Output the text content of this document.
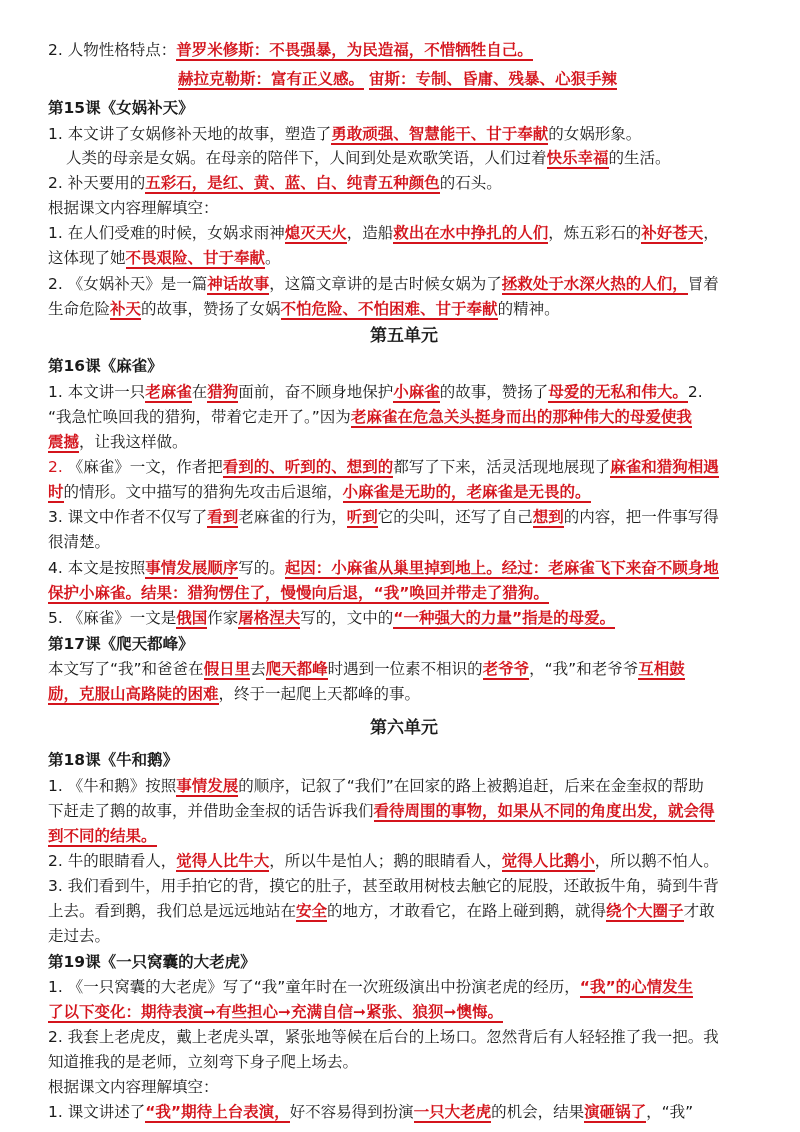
2. 人物性格特点：普罗米修斯：不畏强暴，为民造福，不惜牺牲自己。
赫拉克勒斯：富有正义感。 宙斯：专制、昏庸、残暴、心狠手辣
第15课《女娲补天》
1. 本文讲了女娲修补天地的故事，塑造了勇敢顽强、智慧能干、甘于奉献的女娲形象。
人类的母亲是女娲。在母亲的陪伴下，人间到处是欢歌笑语，人们过着快乐幸福的生活。
2. 补天要用的五彩石，是红、黄、蓝、白、纯青五种颜色的石头。
根据课文内容理解填空：
1. 在人们受难的时候，女娲求雨神熄灭天火，造船救出在水中挣扎的人们，炼五彩石的补好苍天，
这体现了她不畏艰险、甘于奉献。
2. 《女娲补天》是一篇神话故事，这篇文章讲的是古时候女娲为了拯救处于水深火热的人们，冒着
生命危险补天的故事，赞扬了女娲不怕危险、不怕困难、甘于奉献的精神。
第五单元
第16课《麻雀》
1. 本文讲一只老麻雀在猎狗面前，奋不顾身地保护小麻雀的故事，赞扬了母爱的无私和伟大。2.
“我急忙唤回我的猎狗，带着它走开了。”因为老麻雀在危急关头挺身而出的那种伟大的母爱使我
震撼，让我这样做。
2. 《麻雀》一文，作者把看到的、听到的、想到的都写了下来，活灵活现地展现了麻雀和猎狗相遇
时的情形。文中描写的猎狗先攻击后退缩，小麻雀是无助的，老麻雀是无畏的。
3. 课文中作者不仅写了看到老麻雀的行为，听到它的尖叫，还写了自己想到的内容，把一件事写得
很清楚。
4. 本文是按照事情发展顺序写的。起因：小麻雀从巢里掉到地上。经过：老麻雀飞下来奋不顾身地
保护小麻雀。结果：猎狗愣住了，慢慢向后退，“我”唤回并带走了猎狗。
5. 《麻雀》一文是俄国作家屠格涅夫写的，文中的“一种强大的力量”指是的母爱。
第17课《爬天都峰》
本文写了“我”和爸爸在假日里去爬天都峰时遇到一位素不相识的老爷爷，“我”和老爷爷互相鼓
励，克服山高路陡的困难，终于一起爬上天都峰的事。
第六单元
第18课《牛和鹅》
1. 《牛和鹅》按照事情发展的顺序，记叙了“我们”在回家的路上被鹅追赶，后来在金奎叔的帮助
下赶走了鹅的故事，并借助金奎叔的话告诉我们看待周围的事物，如果从不同的角度出发，就会得
到不同的结果。
2. 牛的眼睛看人，觉得人比牛大，所以牛是怕人；鹅的眼睛看人，觉得人比鹅小，所以鹅不怕人。
3. 我们看到牛，用手拍它的背，摸它的肚子，甚至敢用树枝去触它的屁股，还敢扳牛角，骑到牛背
上去。看到鹅，我们总是远远地站在安全的地方，才敢看它，在路上碰到鹅，就得绕个大圈子才敢
走过去。
第19课《一只窝囊的大老虎》
1. 《一只窝囊的大老虎》写了“我”童年时在一次班级演出中扮演老虎的经历，“我”的心情发生
了以下变化：期待表演➞有些担心➞充满自信➞紧张、狼狈➞懊悔。
2. 我套上老虎皮，戴上老虎头罩，紧张地等候在后台的上场口。忽然背后有人轻轻推了我一把。我
知道推我的是老师，立刻弯下身子爬上场去。
根据课文内容理解填空：
1. 课文讲述了“我”期待上台表演，好不容易得到扮演一只大老虎的机会，结果演砸锅了，“我”
